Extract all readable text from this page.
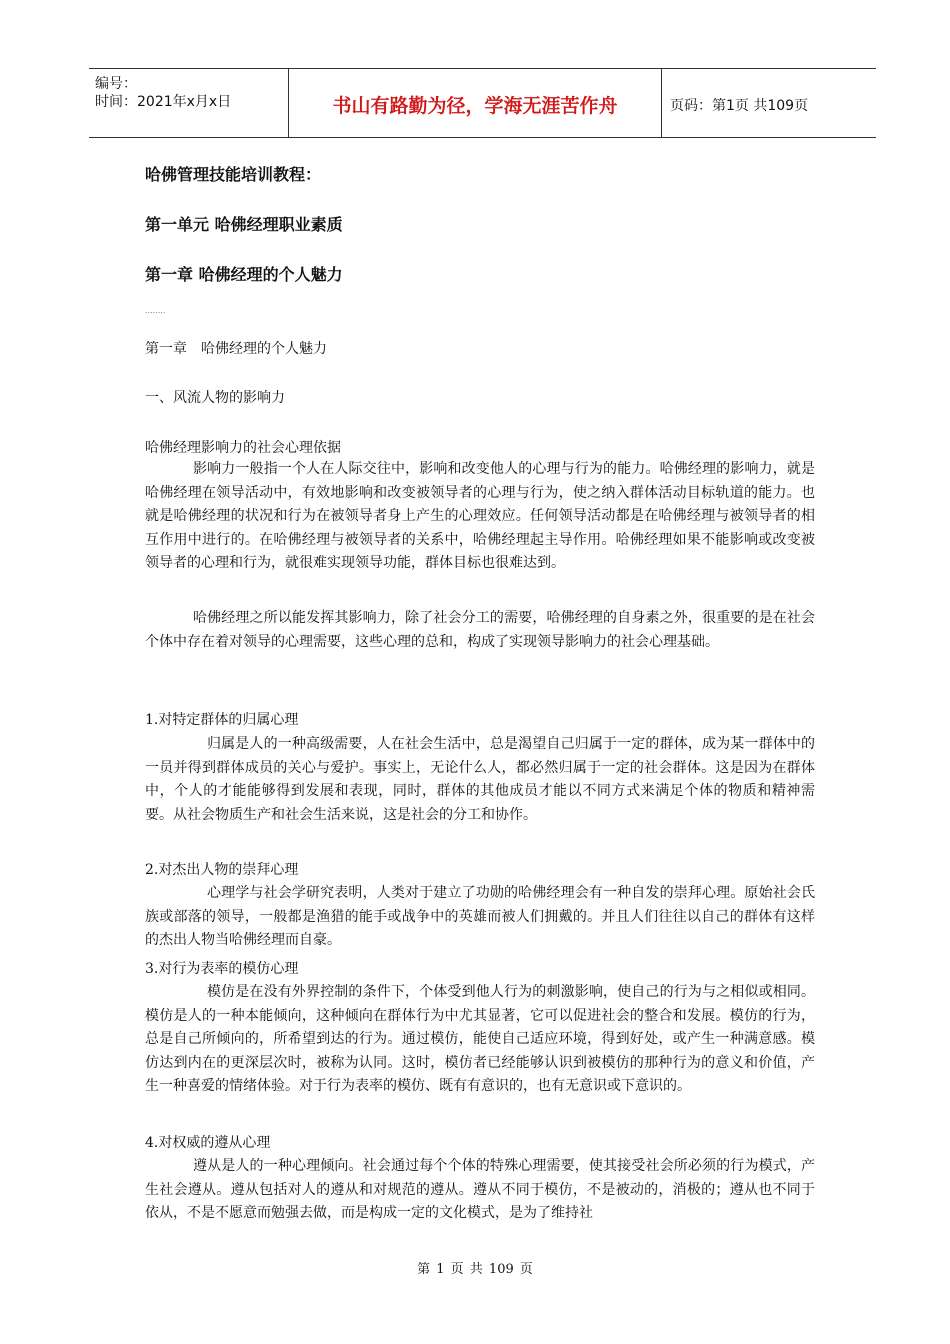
编号：
时间：2021年x月x日	书山有路勤为径，学海无涯苦作舟	页码：第1页 共109页
哈佛管理技能培训教程：
第一单元 哈佛经理职业素质
第一章 哈佛经理的个人魅力
........
第一章　哈佛经理的个人魅力
一、风流人物的影响力
哈佛经理影响力的社会心理依据
影响力一般指一个人在人际交往中，影响和改变他人的心理与行为的能力。哈佛经理的影响力，就是哈佛经理在领导活动中，有效地影响和改变被领导者的心理与行为，使之纳入群体活动目标轨道的能力。也就是哈佛经理的状况和行为在被领导者身上产生的心理效应。任何领导活动都是在哈佛经理与被领导者的相互作用中进行的。在哈佛经理与被领导者的关系中，哈佛经理起主导作用。哈佛经理如果不能影响或改变被领导者的心理和行为，就很难实现领导功能，群体目标也很难达到。
哈佛经理之所以能发挥其影响力，除了社会分工的需要，哈佛经理的自身素之外，很重要的是在社会个体中存在着对领导的心理需要，这些心理的总和，构成了实现领导影响力的社会心理基础。
1.对特定群体的归属心理
归属是人的一种高级需要，人在社会生活中，总是渴望自己归属于一定的群体，成为某一群体中的一员并得到群体成员的关心与爱护。事实上，无论什么人，都必然归属于一定的社会群体。这是因为在群体中，个人的才能能够得到发展和表现，同时，群体的其他成员才能以不同方式来满足个体的物质和精神需要。从社会物质生产和社会生活来说，这是社会的分工和协作。
2.对杰出人物的崇拜心理
心理学与社会学研究表明，人类对于建立了功勋的哈佛经理会有一种自发的崇拜心理。原始社会氏族或部落的领导，一般都是渔猎的能手或战争中的英雄而被人们拥戴的。并且人们往往以自己的群体有这样的杰出人物当哈佛经理而自豪。
3.对行为表率的模仿心理
模仿是在没有外界控制的条件下，个体受到他人行为的刺激影响，使自己的行为与之相似或相同。模仿是人的一种本能倾向，这种倾向在群体行为中尤其显著，它可以促进社会的整合和发展。模仿的行为，总是自己所倾向的，所希望到达的行为。通过模仿，能使自己适应环境，得到好处，或产生一种满意感。模仿达到内在的更深层次时，被称为认同。这时，模仿者已经能够认识到被模仿的那种行为的意义和价值，产生一种喜爱的情绪体验。对于行为表率的模仿、既有有意识的，也有无意识或下意识的。
4.对权威的遵从心理
遵从是人的一种心理倾向。社会通过每个个体的特殊心理需要，使其接受社会所必须的行为模式，产生社会遵从。遵从包括对人的遵从和对规范的遵从。遵从不同于模仿，不是被动的，消极的；遵从也不同于依从，不是不愿意而勉强去做，而是构成一定的文化模式，是为了维持社
第 1 页 共 109 页
